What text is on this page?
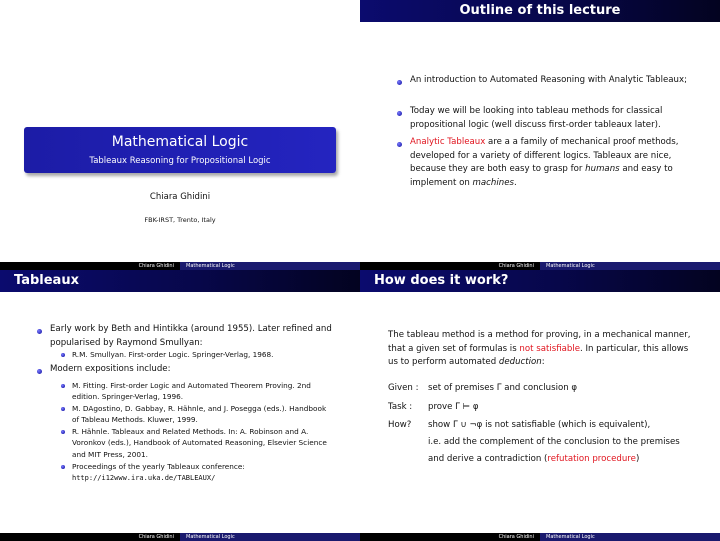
Mathematical Logic
Tableaux Reasoning for Propositional Logic
Chiara Ghidini
FBK-IRST, Trento, Italy
Chiara Ghidini	Mathematical Logic
Outline of this lecture
An introduction to Automated Reasoning with Analytic Tableaux;
Today we will be looking into tableau methods for classical propositional logic (well discuss first-order tableaux later).
Analytic Tableaux are a a family of mechanical proof methods, developed for a variety of different logics. Tableaux are nice, because they are both easy to grasp for humans and easy to implement on machines.
Chiara Ghidini	Mathematical Logic
Tableaux
Early work by Beth and Hintikka (around 1955). Later refined and popularised by Raymond Smullyan:
R.M. Smullyan. First-order Logic. Springer-Verlag, 1968.
Modern expositions include:
M. Fitting. First-order Logic and Automated Theorem Proving. 2nd edition. Springer-Verlag, 1996.
M. DAgostino, D. Gabbay, R. Hähnle, and J. Posegga (eds.). Handbook of Tableau Methods. Kluwer, 1999.
R. Hähnle. Tableaux and Related Methods. In: A. Robinson and A. Voronkov (eds.), Handbook of Automated Reasoning, Elsevier Science and MIT Press, 2001.
Proceedings of the yearly Tableaux conference:
http://i12www.ira.uka.de/TABLEAUX/
Chiara Ghidini	Mathematical Logic
How does it work?
The tableau method is a method for proving, in a mechanical manner, that a given set of formulas is not satisfiable. In particular, this allows us to perform automated deduction:
Given : set of premises Γ and conclusion φ
Task : prove Γ ⊨ φ
How? show Γ ∪ ¬φ is not satisfiable (which is equivalent),
i.e. add the complement of the conclusion to the premises
and derive a contradiction (refutation procedure)
Chiara Ghidini	Mathematical Logic
